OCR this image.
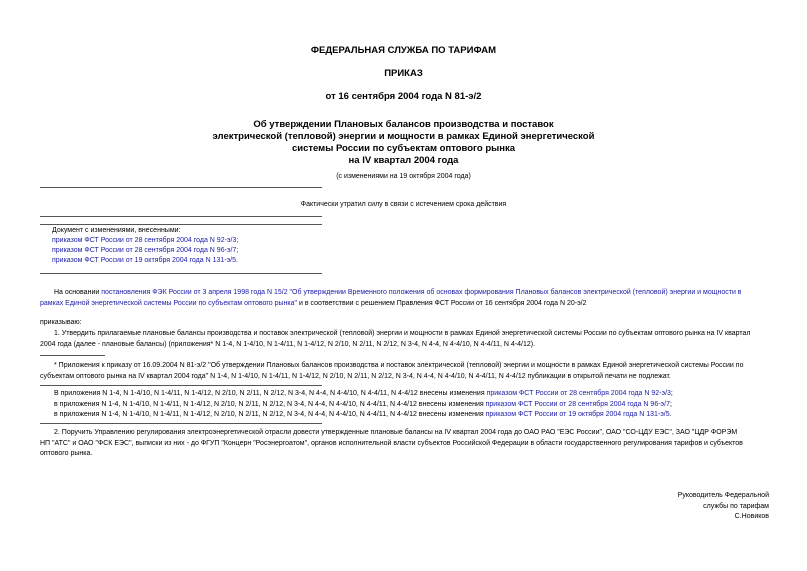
ФЕДЕРАЛЬНАЯ СЛУЖБА ПО ТАРИФАМ
ПРИКАЗ
от 16 сентября 2004 года N 81-э/2
Об утверждении Плановых балансов производства и поставок
электрической (тепловой) энергии и мощности в рамках Единой энергетической
системы России по субъектам оптового рынка
на IV квартал 2004 года
(с изменениями на 19 октября 2004 года)
Фактически утратил силу в связи с истечением срока действия
Документ с изменениями, внесенными:
приказом ФСТ России от 28 сентября 2004 года N 92-э/3;
приказом ФСТ России от 28 сентября 2004 года N 96-э/7;
приказом ФСТ России от 19 октября 2004 года N 131-э/5.
На основании постановления ФЭК России от 3 апреля 1998 года N 15/2 "Об утверждении Временного положения об основах формирования Плановых балансов электрической (тепловой) энергии и мощности в
рамках Единой энергетической системы России по субъектам оптового рынка" и в соответствии с решением Правления ФСТ России от 16 сентября 2004 года N 20-э/2
приказываю:
1. Утвердить прилагаемые плановые балансы производства и поставок электрической (тепловой) энергии и мощности в рамках Единой энергетической системы России по субъектам оптового рынка на IV квартал
2004 года (далее - плановые балансы) (приложения* N 1-4, N 1-4/10, N 1-4/11, N 1-4/12, N 2/10, N 2/11, N 2/12, N 3-4, N 4-4, N 4-4/10, N 4-4/11, N 4-4/12).
* Приложения к приказу от 16.09.2004 N 81-э/2 "Об утверждении Плановых балансов производства и поставок электрической (тепловой) энергии и мощности в рамках Единой энергетической системы России по
субъектам оптового рынка на IV квартал 2004 года" N 1-4, N 1-4/10, N 1-4/11, N 1-4/12, N 2/10, N 2/11, N 2/12, N 3-4, N 4-4, N 4-4/10, N 4-4/11, N 4-4/12 публикации в открытой печати не подлежат.
В приложения N 1-4, N 1-4/10, N 1-4/11, N 1-4/12, N 2/10, N 2/11, N 2/12, N 3-4, N 4-4, N 4-4/10, N 4-4/11, N 4-4/12 внесены изменения приказом ФСТ России от 28 сентября 2004 года N 92-э/3;
в приложения N 1-4, N 1-4/10, N 1-4/11, N 1-4/12, N 2/10, N 2/11, N 2/12, N 3-4, N 4-4, N 4-4/10, N 4-4/11, N 4-4/12 внесены изменения приказом ФСТ России от 28 сентября 2004 года N 96-э/7;
в приложения N 1-4, N 1-4/10, N 1-4/11, N 1-4/12, N 2/10, N 2/11, N 2/12, N 3-4, N 4-4, N 4-4/10, N 4-4/11, N 4-4/12 внесены изменения приказом ФСТ России от 19 октября 2004 года N 131-э/5.
2. Поручить Управлению регулирования электроэнергетической отрасли довести утвержденные плановые балансы на IV квартал 2004 года до ОАО РАО "ЕЭС России", ОАО "СО-ЦДУ ЕЭС", ЗАО "ЦДР ФОРЭМ
НП "АТС" и ОАО "ФСК ЕЭС", выписки из них - до ФГУП "Концерн "Росэнергоатом", органов исполнительной власти субъектов Российской Федерации в области государственного регулирования тарифов и субъектов
оптового рынка.
Руководитель Федеральной
службы по тарифам
С.Новиков
